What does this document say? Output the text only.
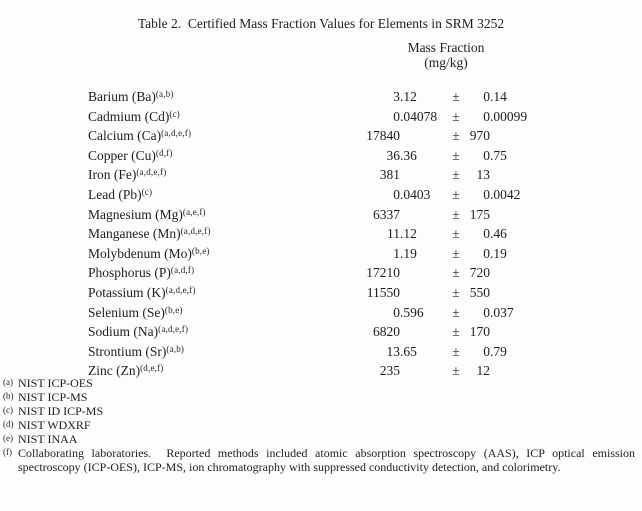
Table 2.  Certified Mass Fraction Values for Elements in SRM 3252
Mass Fraction
(mg/kg)
Barium $(Ba)^{(a,b)}$	3 .12	±	0 .14
Cadmium $(Cd)^{(c)}$	0 .04078	±	0 .00099
Calcium $(Ca)^{(a,d,e,f)}$	17840	± 970
Copper $(Cu)^{(d,f)}$	36 .36	±	0 .75
Iron $(Fe)^{(a,d,e,f)}$	381	±	13
Lead $(Pb)^{(c)}$	0 .0403	±	0 .0042
Magnesium $(Mg)^{(a,e,f)}$	6337	± 175
Manganese $(Mn)^{(a,d,e,f)}$	11 .12	±	0 .46
Molybdenum $(Mo)^{(b,e)}$	1 .19	±	0 .19
Phosphorus $(P)^{(a,d,f)}$	17210	± 720
Potassium $(K)^{(a,d,e,f)}$	11550	± 550
Selenium $(Se)^{(b,e)}$	0 .596	±	0 .037
Sodium $(Na)^{(a,d,e,f)}$	6820	± 170
Strontium $(Sr)^{(a,b)}$	13 .65	±	0 .79
Zinc $(Zn)^{(d,e,f)}$	235	±	12
(a) NIST ICP-OES
(b) NIST ICP-MS
(c) NIST ID ICP-MS
(d) NIST WDXRF
(e) NIST INAA
(f) Collaborating laboratories.  Reported methods included atomic absorption spectroscopy (AAS), ICP optical emission spectroscopy (ICP-OES), ICP-MS, ion chromatography with suppressed conductivity detection, and colorimetry.
